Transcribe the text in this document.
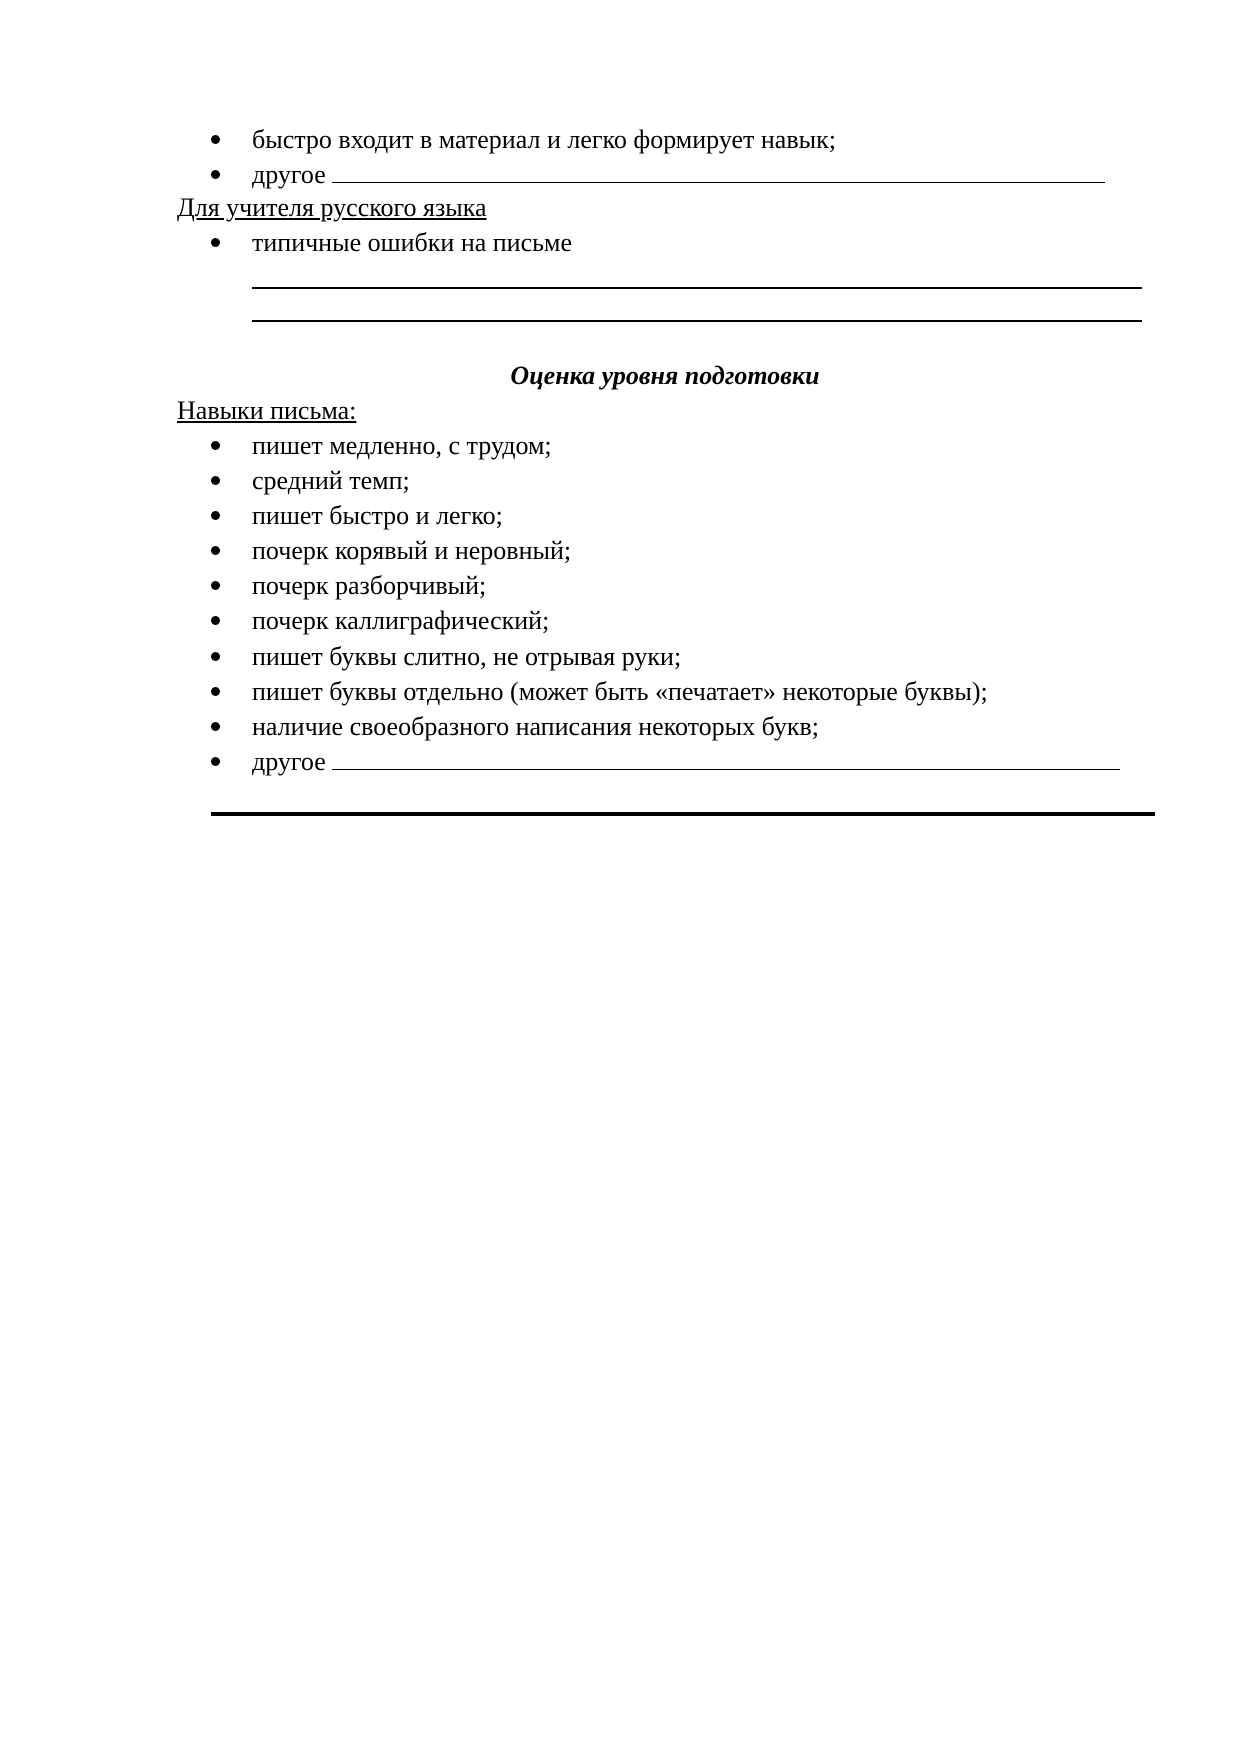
быстро входит в материал и легко формирует навык;
другое
Для учителя русского языка
типичные ошибки на письме
Оценка уровня подготовки
Навыки письма:
пишет медленно, с трудом;
средний темп;
пишет быстро и легко;
почерк корявый и неровный;
почерк разборчивый;
почерк каллиграфический;
пишет буквы слитно, не отрывая руки;
пишет буквы отдельно (может быть «печатает» некоторые буквы);
наличие своеобразного написания некоторых букв;
другое
